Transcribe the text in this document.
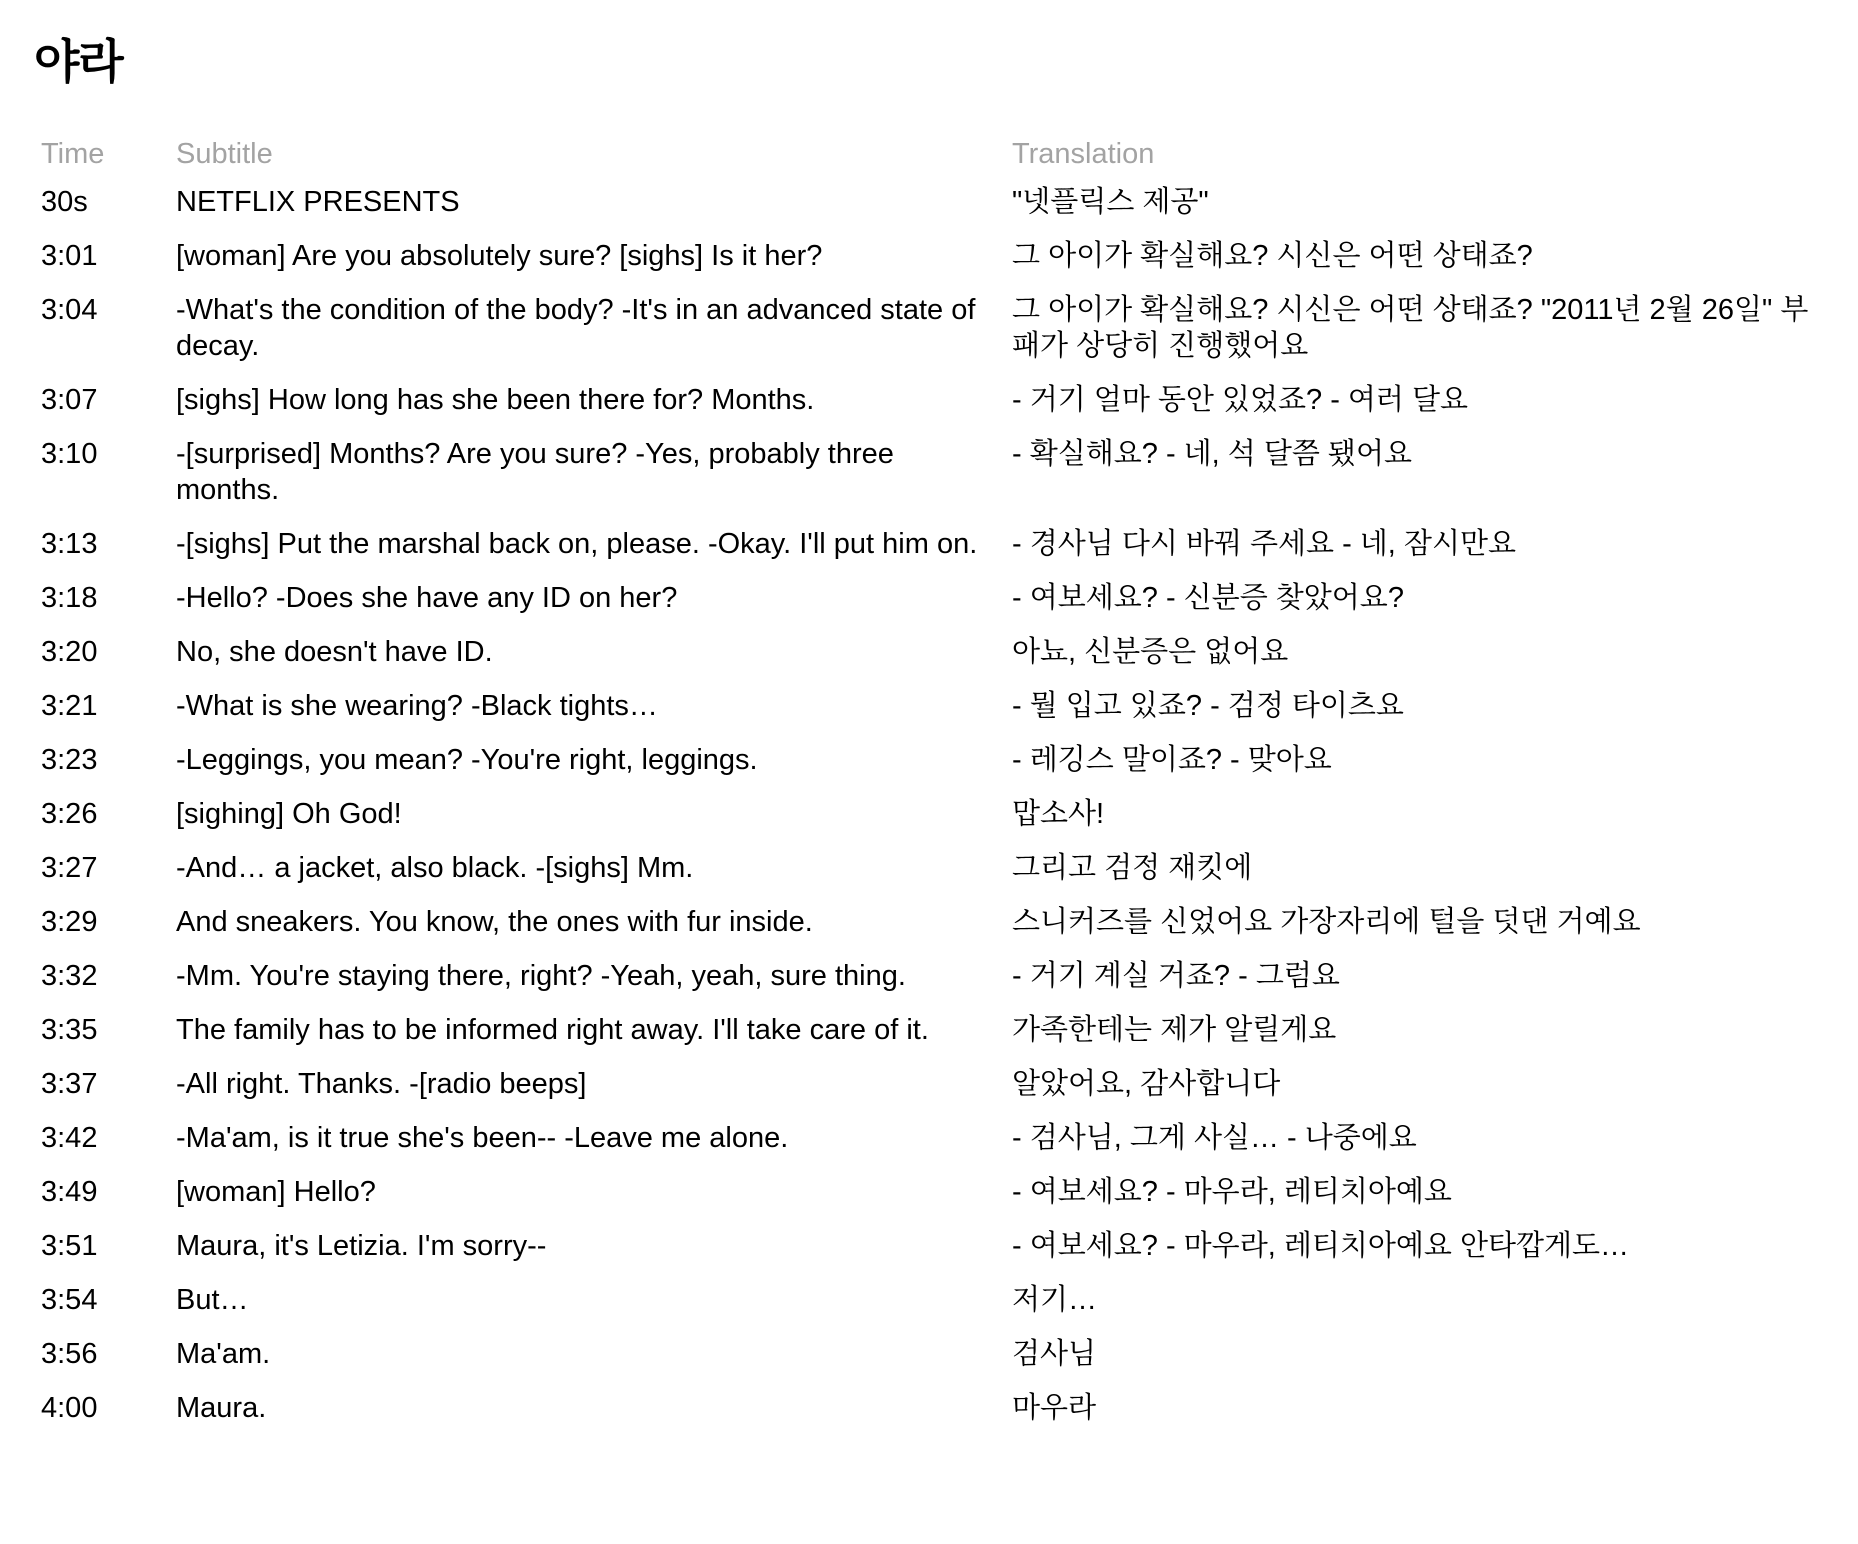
야라
Time	Subtitle	Translation
30s	NETFLIX PRESENTS	"넷플릭스 제공"
3:01	[woman] Are you absolutely sure? [sighs] Is it her?	그 아이가 확실해요? 시신은 어떤 상태죠?
3:04	-What's the condition of the body? -It's in an advanced state of decay.	그 아이가 확실해요? 시신은 어떤 상태죠? "2011년 2월 26일" 부패가 상당히 진행했어요
3:07	[sighs] How long has she been there for? Months.	- 거기 얼마 동안 있었죠? - 여러 달요
3:10	-[surprised] Months? Are you sure? -Yes, probably three months.	- 확실해요? - 네, 석 달쯤 됐어요
3:13	-[sighs] Put the marshal back on, please. -Okay. I'll put him on.	- 경사님 다시 바꿔 주세요 - 네, 잠시만요
3:18	-Hello? -Does she have any ID on her?	- 여보세요? - 신분증 찾았어요?
3:20	No, she doesn't have ID.	아뇨, 신분증은 없어요
3:21	-What is she wearing? -Black tights…	- 뭘 입고 있죠? - 검정 타이츠요
3:23	-Leggings, you mean? -You're right, leggings.	- 레깅스 말이죠? - 맞아요
3:26	[sighing] Oh God!	맙소사!
3:27	-And… a jacket, also black. -[sighs] Mm.	그리고 검정 재킷에
3:29	And sneakers. You know, the ones with fur inside.	스니커즈를 신었어요 가장자리에 털을 덧댄 거예요
3:32	-Mm. You're staying there, right? -Yeah, yeah, sure thing.	- 거기 계실 거죠? - 그럼요
3:35	The family has to be informed right away. I'll take care of it.	가족한테는 제가 알릴게요
3:37	-All right. Thanks. -[radio beeps]	알았어요, 감사합니다
3:42	-Ma'am, is it true she's been-- -Leave me alone.	- 검사님, 그게 사실… - 나중에요
3:49	[woman] Hello?	- 여보세요? - 마우라, 레티치아예요
3:51	Maura, it's Letizia. I'm sorry--	- 여보세요? - 마우라, 레티치아예요 안타깝게도…
3:54	But…	저기…
3:56	Ma'am.	검사님
4:00	Maura.	마우라
